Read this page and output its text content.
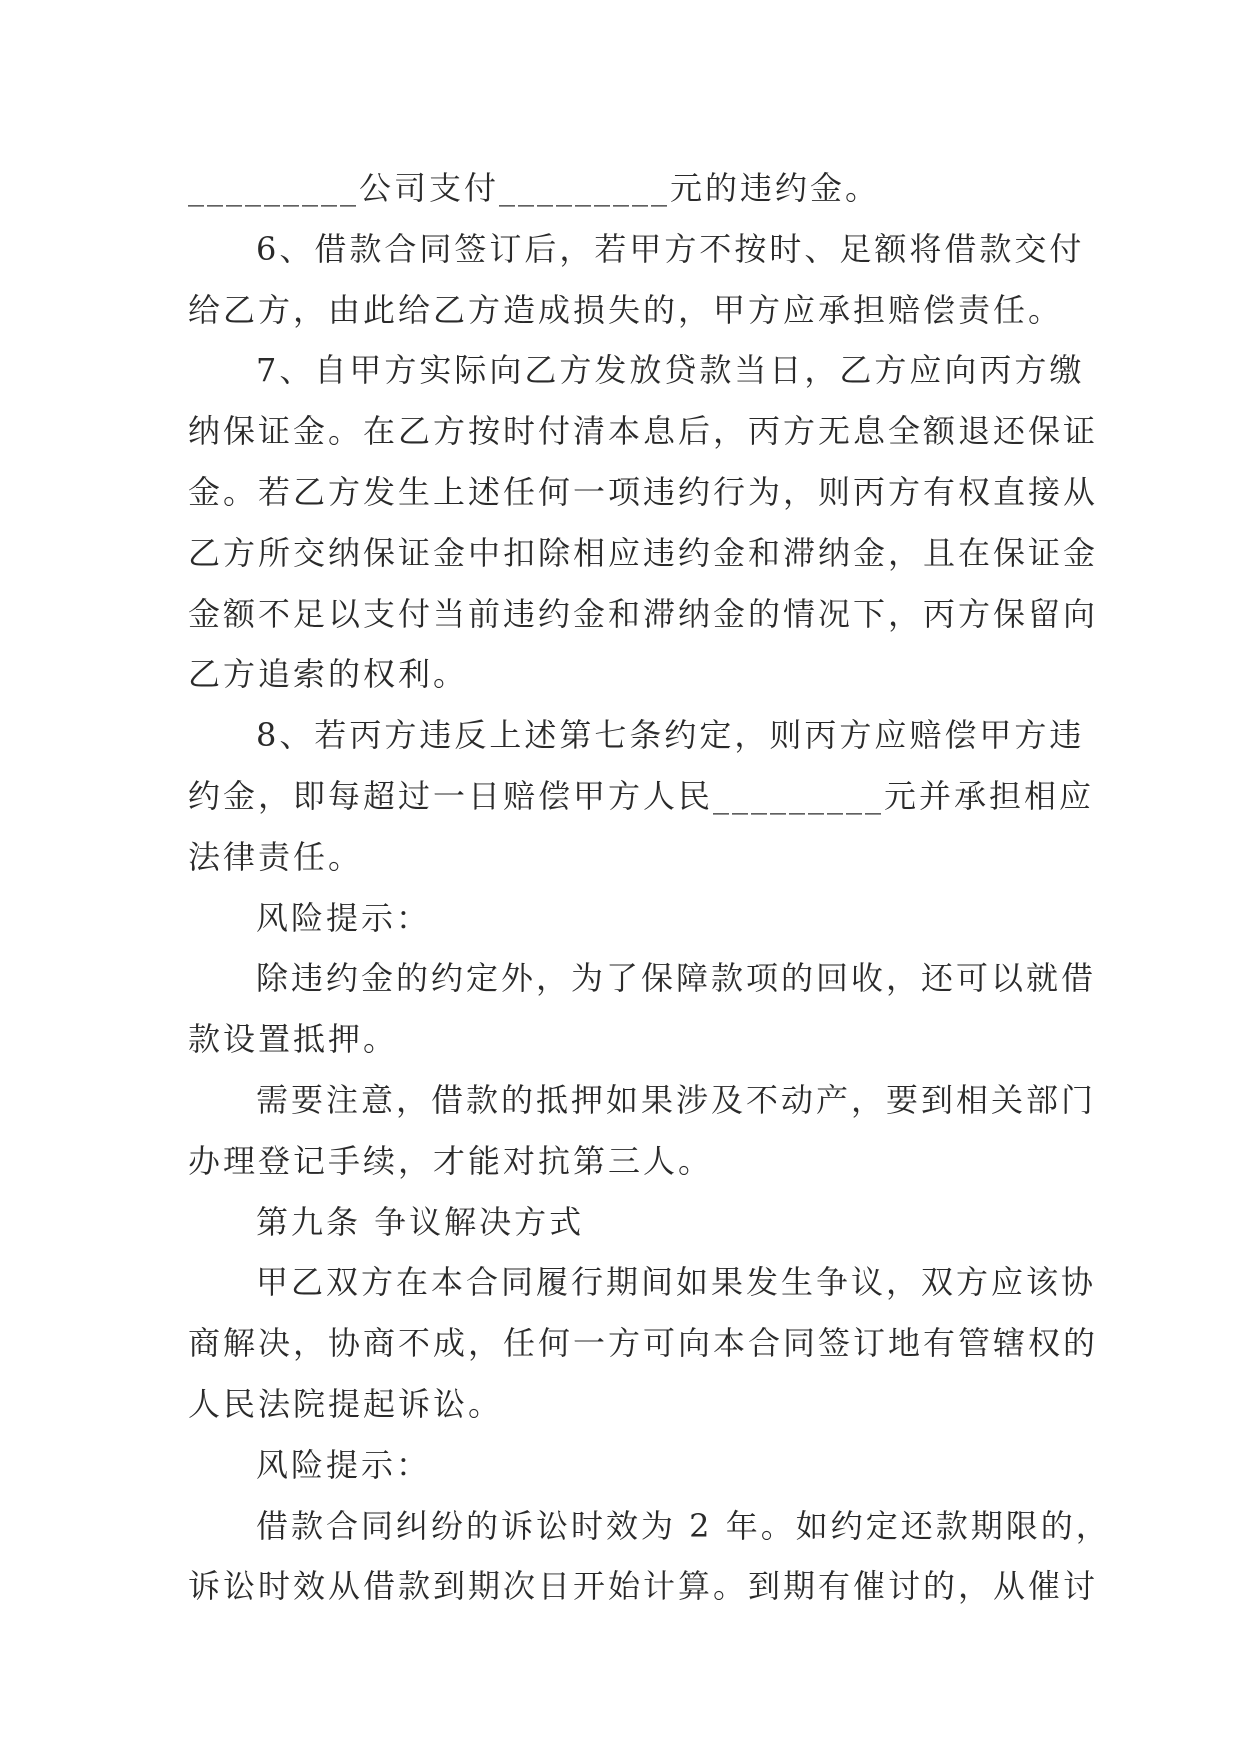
_________公司支付_________元的违约金。
6、借款合同签订后，若甲方不按时、足额将借款交付
给乙方，由此给乙方造成损失的，甲方应承担赔偿责任。
7、自甲方实际向乙方发放贷款当日，乙方应向丙方缴
纳保证金。在乙方按时付清本息后，丙方无息全额退还保证
金。若乙方发生上述任何一项违约行为，则丙方有权直接从
乙方所交纳保证金中扣除相应违约金和滞纳金，且在保证金
金额不足以支付当前违约金和滞纳金的情况下，丙方保留向
乙方追索的权利。
8、若丙方违反上述第七条约定，则丙方应赔偿甲方违
约金，即每超过一日赔偿甲方人民_________元并承担相应
法律责任。
风险提示：
除违约金的约定外，为了保障款项的回收，还可以就借
款设置抵押。
需要注意，借款的抵押如果涉及不动产，要到相关部门
办理登记手续，才能对抗第三人。
第九条 争议解决方式
甲乙双方在本合同履行期间如果发生争议，双方应该协
商解决，协商不成，任何一方可向本合同签订地有管辖权的
人民法院提起诉讼。
风险提示：
借款合同纠纷的诉讼时效为 2 年。如约定还款期限的，
诉讼时效从借款到期次日开始计算。到期有催讨的，从催讨
